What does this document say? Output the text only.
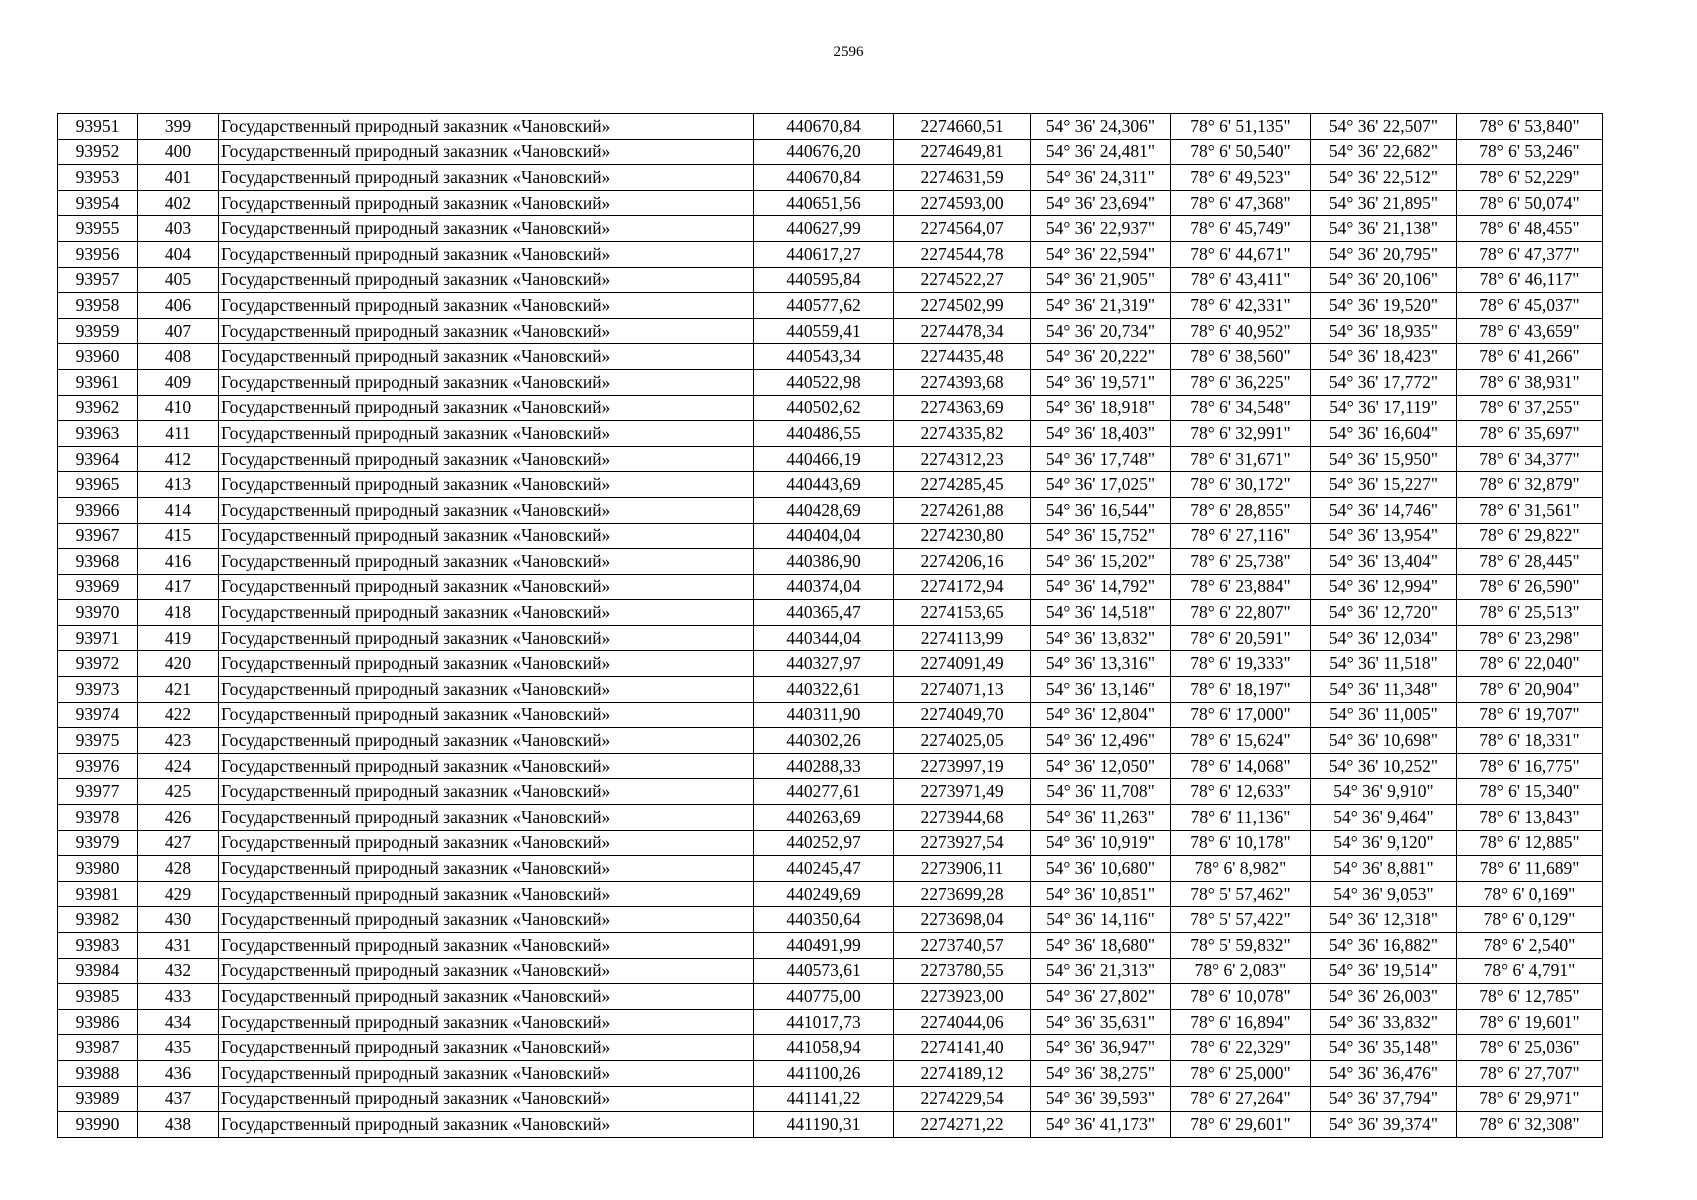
2596
93951	399	Государственный природный заказник «Чановский»	440670,84	2274660,51	54° 36' 24,306"	78° 6' 51,135"	54° 36' 22,507"	78° 6' 53,840"
93952	400	Государственный природный заказник «Чановский»	440676,20	2274649,81	54° 36' 24,481"	78° 6' 50,540"	54° 36' 22,682"	78° 6' 53,246"
93953	401	Государственный природный заказник «Чановский»	440670,84	2274631,59	54° 36' 24,311"	78° 6' 49,523"	54° 36' 22,512"	78° 6' 52,229"
93954	402	Государственный природный заказник «Чановский»	440651,56	2274593,00	54° 36' 23,694"	78° 6' 47,368"	54° 36' 21,895"	78° 6' 50,074"
93955	403	Государственный природный заказник «Чановский»	440627,99	2274564,07	54° 36' 22,937"	78° 6' 45,749"	54° 36' 21,138"	78° 6' 48,455"
93956	404	Государственный природный заказник «Чановский»	440617,27	2274544,78	54° 36' 22,594"	78° 6' 44,671"	54° 36' 20,795"	78° 6' 47,377"
93957	405	Государственный природный заказник «Чановский»	440595,84	2274522,27	54° 36' 21,905"	78° 6' 43,411"	54° 36' 20,106"	78° 6' 46,117"
93958	406	Государственный природный заказник «Чановский»	440577,62	2274502,99	54° 36' 21,319"	78° 6' 42,331"	54° 36' 19,520"	78° 6' 45,037"
93959	407	Государственный природный заказник «Чановский»	440559,41	2274478,34	54° 36' 20,734"	78° 6' 40,952"	54° 36' 18,935"	78° 6' 43,659"
93960	408	Государственный природный заказник «Чановский»	440543,34	2274435,48	54° 36' 20,222"	78° 6' 38,560"	54° 36' 18,423"	78° 6' 41,266"
93961	409	Государственный природный заказник «Чановский»	440522,98	2274393,68	54° 36' 19,571"	78° 6' 36,225"	54° 36' 17,772"	78° 6' 38,931"
93962	410	Государственный природный заказник «Чановский»	440502,62	2274363,69	54° 36' 18,918"	78° 6' 34,548"	54° 36' 17,119"	78° 6' 37,255"
93963	411	Государственный природный заказник «Чановский»	440486,55	2274335,82	54° 36' 18,403"	78° 6' 32,991"	54° 36' 16,604"	78° 6' 35,697"
93964	412	Государственный природный заказник «Чановский»	440466,19	2274312,23	54° 36' 17,748"	78° 6' 31,671"	54° 36' 15,950"	78° 6' 34,377"
93965	413	Государственный природный заказник «Чановский»	440443,69	2274285,45	54° 36' 17,025"	78° 6' 30,172"	54° 36' 15,227"	78° 6' 32,879"
93966	414	Государственный природный заказник «Чановский»	440428,69	2274261,88	54° 36' 16,544"	78° 6' 28,855"	54° 36' 14,746"	78° 6' 31,561"
93967	415	Государственный природный заказник «Чановский»	440404,04	2274230,80	54° 36' 15,752"	78° 6' 27,116"	54° 36' 13,954"	78° 6' 29,822"
93968	416	Государственный природный заказник «Чановский»	440386,90	2274206,16	54° 36' 15,202"	78° 6' 25,738"	54° 36' 13,404"	78° 6' 28,445"
93969	417	Государственный природный заказник «Чановский»	440374,04	2274172,94	54° 36' 14,792"	78° 6' 23,884"	54° 36' 12,994"	78° 6' 26,590"
93970	418	Государственный природный заказник «Чановский»	440365,47	2274153,65	54° 36' 14,518"	78° 6' 22,807"	54° 36' 12,720"	78° 6' 25,513"
93971	419	Государственный природный заказник «Чановский»	440344,04	2274113,99	54° 36' 13,832"	78° 6' 20,591"	54° 36' 12,034"	78° 6' 23,298"
93972	420	Государственный природный заказник «Чановский»	440327,97	2274091,49	54° 36' 13,316"	78° 6' 19,333"	54° 36' 11,518"	78° 6' 22,040"
93973	421	Государственный природный заказник «Чановский»	440322,61	2274071,13	54° 36' 13,146"	78° 6' 18,197"	54° 36' 11,348"	78° 6' 20,904"
93974	422	Государственный природный заказник «Чановский»	440311,90	2274049,70	54° 36' 12,804"	78° 6' 17,000"	54° 36' 11,005"	78° 6' 19,707"
93975	423	Государственный природный заказник «Чановский»	440302,26	2274025,05	54° 36' 12,496"	78° 6' 15,624"	54° 36' 10,698"	78° 6' 18,331"
93976	424	Государственный природный заказник «Чановский»	440288,33	2273997,19	54° 36' 12,050"	78° 6' 14,068"	54° 36' 10,252"	78° 6' 16,775"
93977	425	Государственный природный заказник «Чановский»	440277,61	2273971,49	54° 36' 11,708"	78° 6' 12,633"	54° 36' 9,910"	78° 6' 15,340"
93978	426	Государственный природный заказник «Чановский»	440263,69	2273944,68	54° 36' 11,263"	78° 6' 11,136"	54° 36' 9,464"	78° 6' 13,843"
93979	427	Государственный природный заказник «Чановский»	440252,97	2273927,54	54° 36' 10,919"	78° 6' 10,178"	54° 36' 9,120"	78° 6' 12,885"
93980	428	Государственный природный заказник «Чановский»	440245,47	2273906,11	54° 36' 10,680"	78° 6' 8,982"	54° 36' 8,881"	78° 6' 11,689"
93981	429	Государственный природный заказник «Чановский»	440249,69	2273699,28	54° 36' 10,851"	78° 5' 57,462"	54° 36' 9,053"	78° 6' 0,169"
93982	430	Государственный природный заказник «Чановский»	440350,64	2273698,04	54° 36' 14,116"	78° 5' 57,422"	54° 36' 12,318"	78° 6' 0,129"
93983	431	Государственный природный заказник «Чановский»	440491,99	2273740,57	54° 36' 18,680"	78° 5' 59,832"	54° 36' 16,882"	78° 6' 2,540"
93984	432	Государственный природный заказник «Чановский»	440573,61	2273780,55	54° 36' 21,313"	78° 6' 2,083"	54° 36' 19,514"	78° 6' 4,791"
93985	433	Государственный природный заказник «Чановский»	440775,00	2273923,00	54° 36' 27,802"	78° 6' 10,078"	54° 36' 26,003"	78° 6' 12,785"
93986	434	Государственный природный заказник «Чановский»	441017,73	2274044,06	54° 36' 35,631"	78° 6' 16,894"	54° 36' 33,832"	78° 6' 19,601"
93987	435	Государственный природный заказник «Чановский»	441058,94	2274141,40	54° 36' 36,947"	78° 6' 22,329"	54° 36' 35,148"	78° 6' 25,036"
93988	436	Государственный природный заказник «Чановский»	441100,26	2274189,12	54° 36' 38,275"	78° 6' 25,000"	54° 36' 36,476"	78° 6' 27,707"
93989	437	Государственный природный заказник «Чановский»	441141,22	2274229,54	54° 36' 39,593"	78° 6' 27,264"	54° 36' 37,794"	78° 6' 29,971"
93990	438	Государственный природный заказник «Чановский»	441190,31	2274271,22	54° 36' 41,173"	78° 6' 29,601"	54° 36' 39,374"	78° 6' 32,308"
